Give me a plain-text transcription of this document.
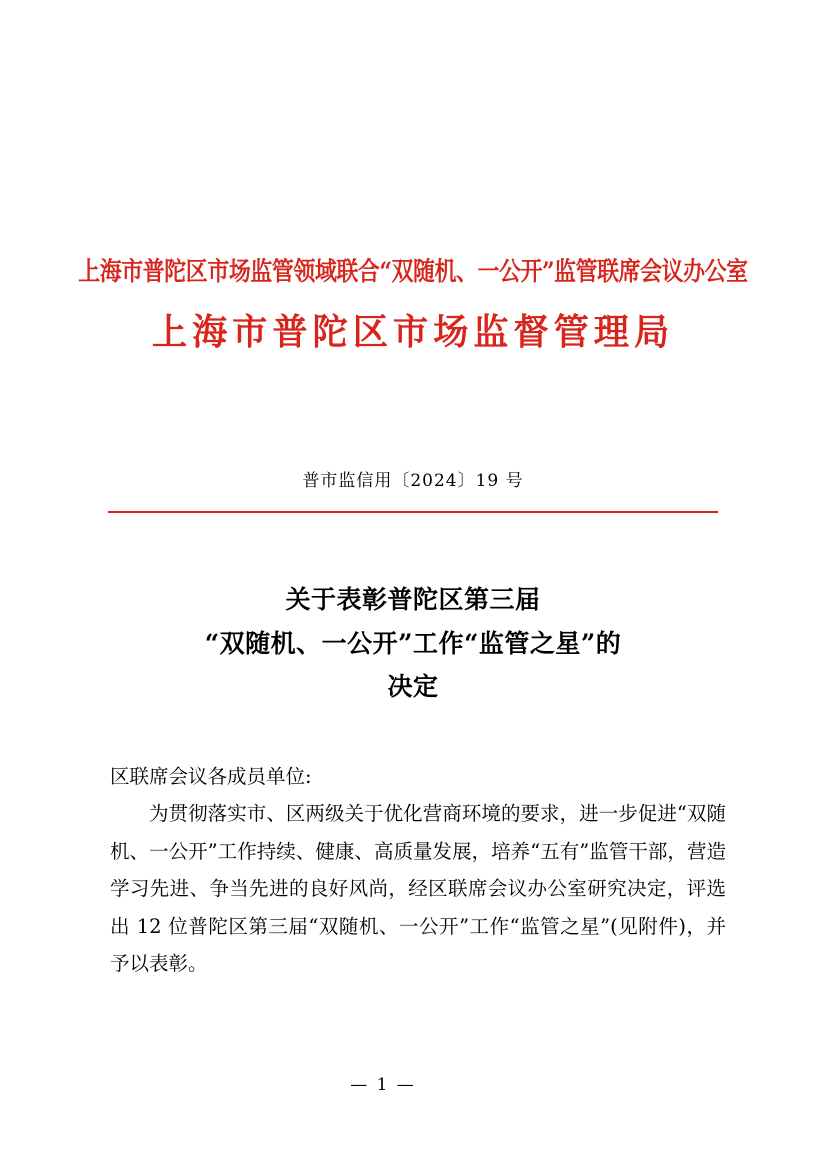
上海市普陀区市场监管领域联合“双随机、一公开”监管联席会议办公室
上海市普陀区市场监督管理局
普市监信用〔2024〕19 号
关于表彰普陀区第三届
“双随机、一公开”工作“监管之星”的
决定

区联席会议各成员单位:

为贯彻落实市、区两级关于优化营商环境的要求，进一步促进“双随机、一公开”工作持续、健康、高质量发展，培养“五有”监管干部，营造学习先进、争当先进的良好风尚，经区联席会议办公室研究决定，评选出 12 位普陀区第三届“双随机、一公开”工作“监管之星”(见附件)，并予以表彰。

— 1 —
